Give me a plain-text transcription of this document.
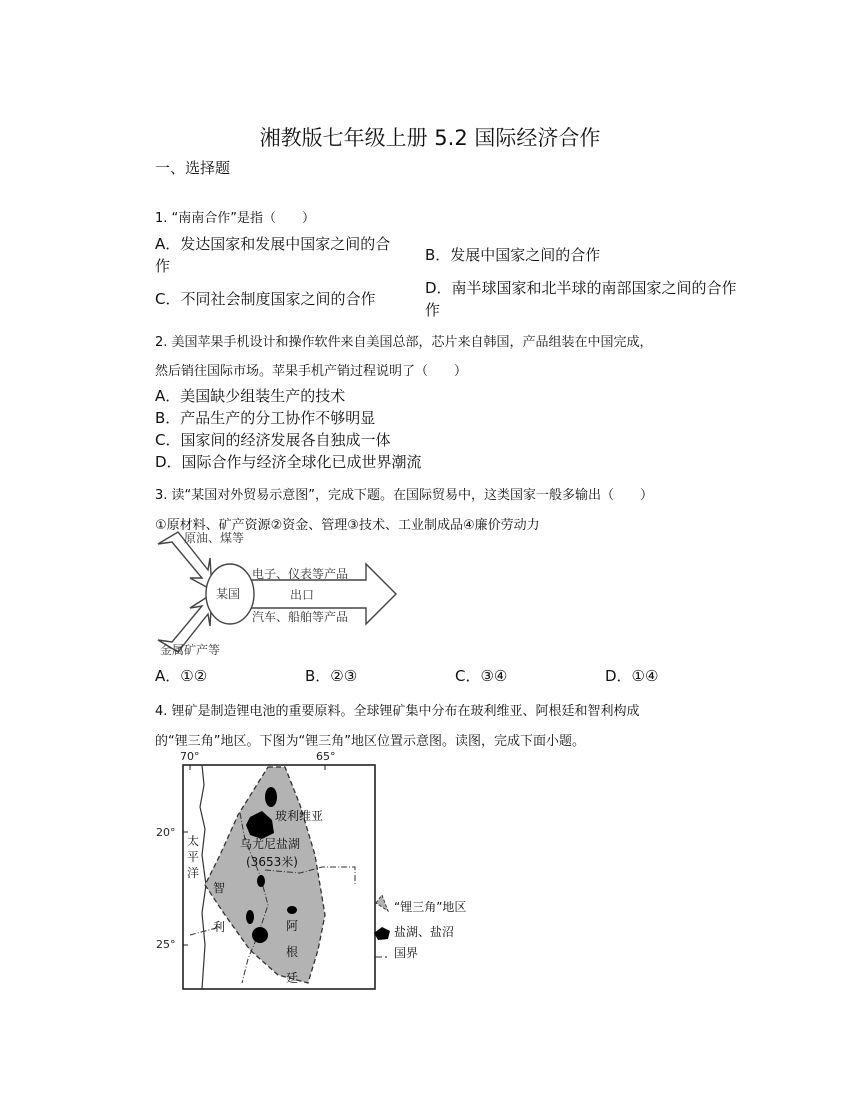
湘教版七年级上册 5.2 国际经济合作
一、选择题
1. “南南合作”是指（　　）
A．发达国家和发展中国家之间的合
作
B．发展中国家之间的合作
C．不同社会制度国家之间的合作
D．南半球国家和北半球的南部国家之间的合作
作
2. 美国苹果手机设计和操作软件来自美国总部，芯片来自韩国，产品组装在中国完成，
然后销往国际市场。苹果手机产销过程说明了（　　）
A．美国缺少组装生产的技术
B．产品生产的分工协作不够明显
C．国家间的经济发展各自独成一体
D．国际合作与经济全球化已成世界潮流
3. 读“某国对外贸易示意图”，完成下题。在国际贸易中，这类国家一般多输出（　　）
①原材料、矿产资源②资金、管理③技术、工业制成品④廉价劳动力
原油、煤等
某国
电子、仪表等产品
出口
汽车、船舶等产品
金属矿产等
A．①②	B．②③	C．③④	D．①④
4. 锂矿是制造锂电池的重要原料。全球锂矿集中分布在玻利维亚、阿根廷和智利构成
的“锂三角”地区。下图为“锂三角”地区位置示意图。读图，完成下面小题。
70°	65°
20°
25°
玻利维亚
乌尤尼盐湖
(3653米)
太
平
洋
智
利	阿
根
廷
“锂三角”地区
盐湖、盐沼
国界
